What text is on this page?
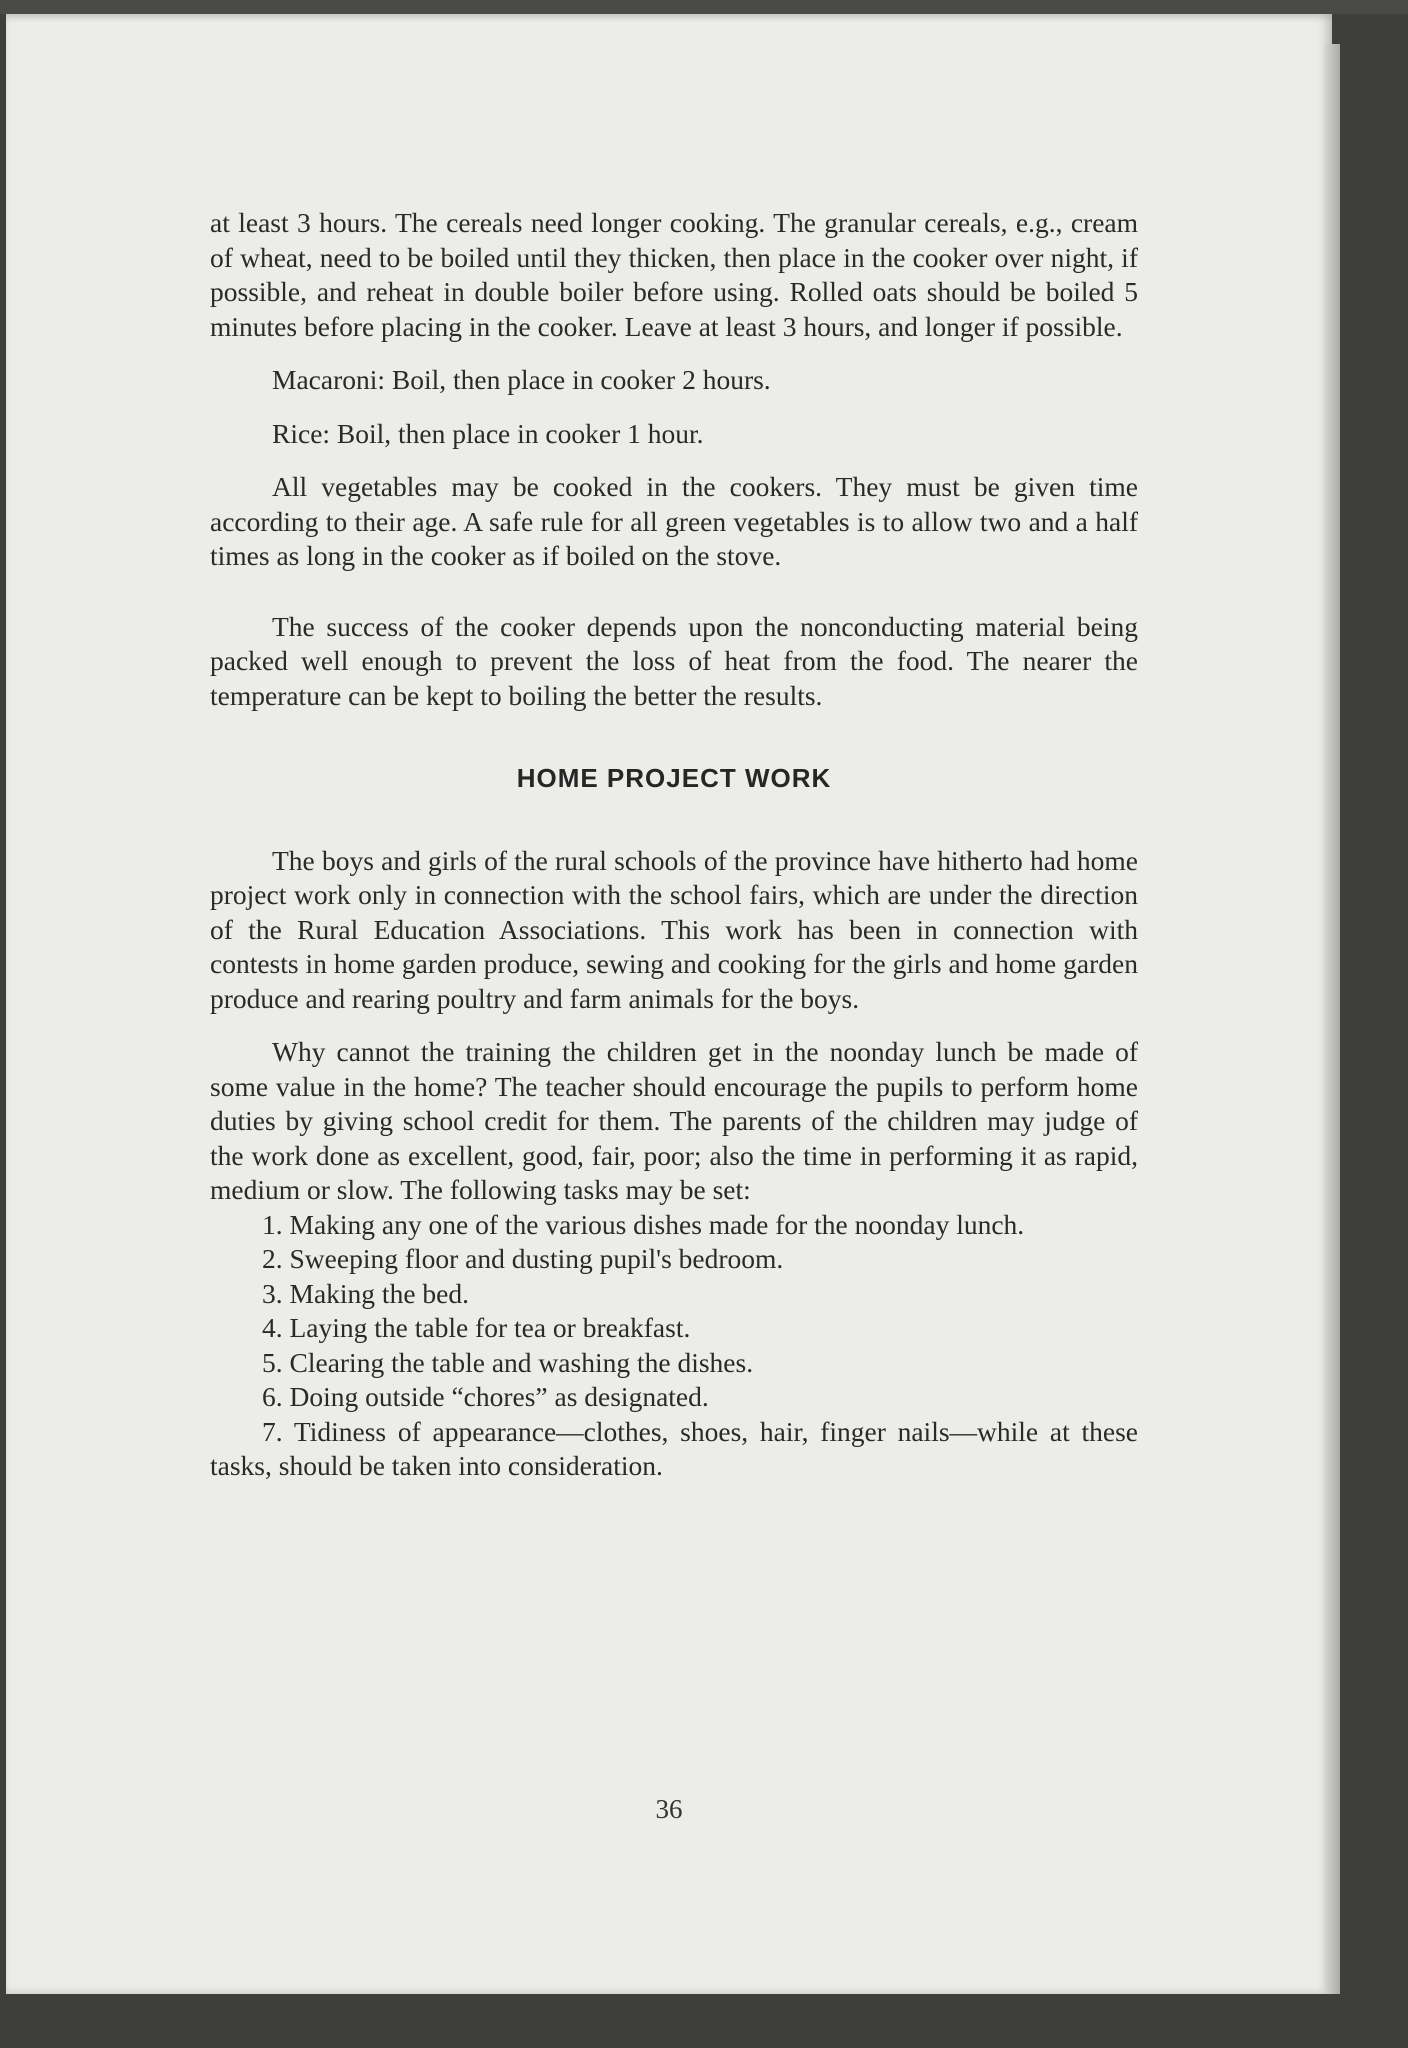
at least 3 hours. The cereals need longer cooking. The granular cereals, e.g., cream of wheat, need to be boiled until they thicken, then place in the cooker over night, if possible, and reheat in double boiler before using. Rolled oats should be boiled 5 minutes before placing in the cooker. Leave at least 3 hours, and longer if possible.

Macaroni: Boil, then place in cooker 2 hours.

Rice: Boil, then place in cooker 1 hour.

All vegetables may be cooked in the cookers. They must be given time according to their age. A safe rule for all green vegetables is to allow two and a half times as long in the cooker as if boiled on the stove.

The success of the cooker depends upon the nonconducting material being packed well enough to prevent the loss of heat from the food. The nearer the temperature can be kept to boiling the better the results.

HOME PROJECT WORK

The boys and girls of the rural schools of the province have hitherto had home project work only in connection with the school fairs, which are under the direction of the Rural Education Associations. This work has been in connection with contests in home garden produce, sewing and cooking for the girls and home garden produce and rearing poultry and farm animals for the boys.

Why cannot the training the children get in the noonday lunch be made of some value in the home? The teacher should encourage the pupils to perform home duties by giving school credit for them. The parents of the children may judge of the work done as excellent, good, fair, poor; also the time in performing it as rapid, medium or slow. The following tasks may be set:

1. Making any one of the various dishes made for the noonday lunch.

2. Sweeping floor and dusting pupil's bedroom.

3. Making the bed.

4. Laying the table for tea or breakfast.

5. Clearing the table and washing the dishes.

6. Doing outside “chores” as designated.

7. Tidiness of appearance—clothes, shoes, hair, finger nails—while at these tasks, should be taken into consideration.

36
